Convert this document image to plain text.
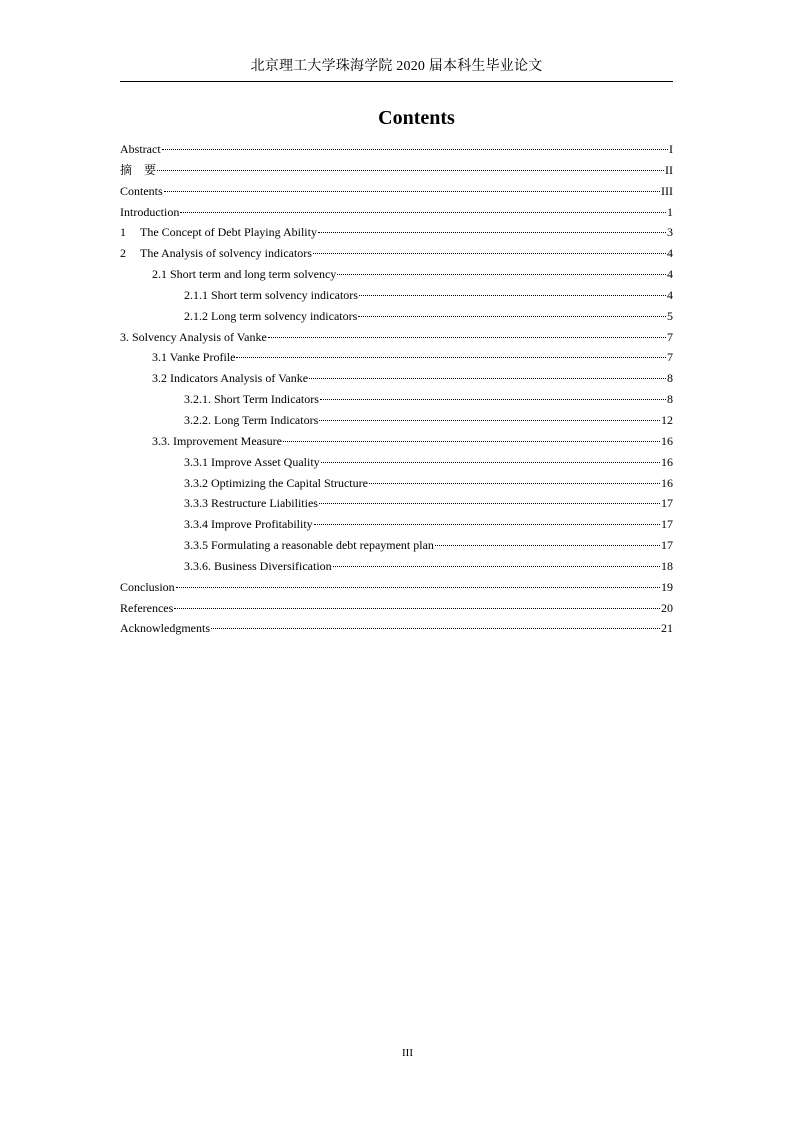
北京理工大学珠海学院 2020 届本科生毕业论文
Contents
Abstract	I
摘　要	II
Contents	III
Introduction	1
1 The Concept of Debt Playing Ability	3
2 The Analysis of solvency indicators	4
2.1 Short term and long term solvency	4
2.1.1 Short term solvency indicators	4
2.1.2 Long term solvency indicators	5
3. Solvency Analysis of Vanke	7
3.1 Vanke Profile	7
3.2 Indicators Analysis of Vanke	8
3.2.1. Short Term Indicators	8
3.2.2. Long Term Indicators	12
3.3. Improvement Measure	16
3.3.1 Improve Asset Quality	16
3.3.2 Optimizing the Capital Structure	16
3.3.3 Restructure Liabilities	17
3.3.4 Improve Profitability	17
3.3.5 Formulating a reasonable debt repayment plan	17
3.3.6. Business Diversification	18
Conclusion	19
References	20
Acknowledgments	21
III
